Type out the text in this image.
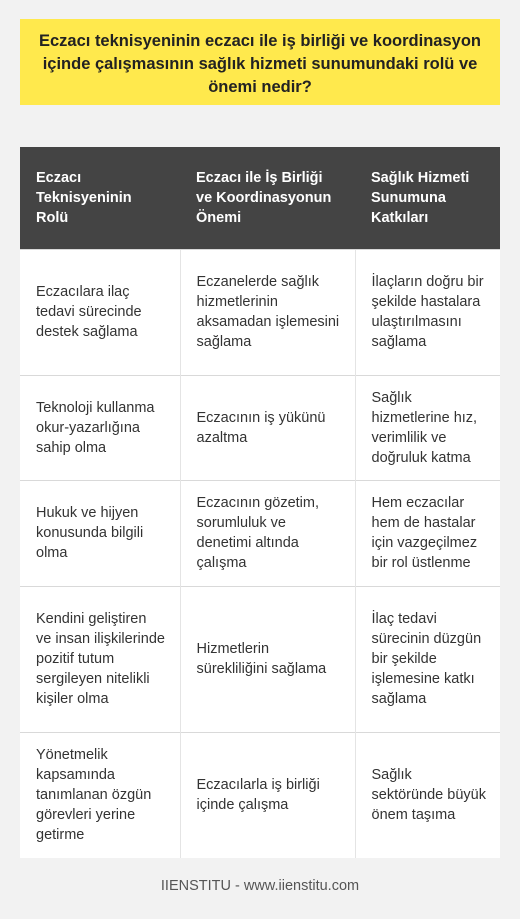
Eczacı teknisyeninin eczacı ile iş birliği ve koordinasyon içinde çalışmasının sağlık hizmeti sunumundaki rolü ve önemi nedir?
Eczacı Teknisyeninin Rolü	Eczacı ile İş Birliği ve Koordinasyonun Önemi	Sağlık Hizmeti Sunumuna Katkıları
Eczacılara ilaç tedavi sürecinde destek sağlama	Eczanelerde sağlık hizmetlerinin aksamadan işlemesini sağlama	İlaçların doğru bir şekilde hastalara ulaştırılmasını sağlama
Teknoloji kullanma okur-yazarlığına sahip olma	Eczacının iş yükünü azaltma	Sağlık hizmetlerine hız, verimlilik ve doğruluk katma
Hukuk ve hijyen konusunda bilgili olma	Eczacının gözetim, sorumluluk ve denetimi altında çalışma	Hem eczacılar hem de hastalar için vazgeçilmez bir rol üstlenme
Kendini geliştiren ve insan ilişkilerinde pozitif tutum sergileyen nitelikli kişiler olma	Hizmetlerin sürekliliğini sağlama	İlaç tedavi sürecinin düzgün bir şekilde işlemesine katkı sağlama
Yönetmelik kapsamında tanımlanan özgün görevleri yerine getirme	Eczacılarla iş birliği içinde çalışma	Sağlık sektöründe büyük önem taşıma
IIENSTITU - www.iienstitu.com
